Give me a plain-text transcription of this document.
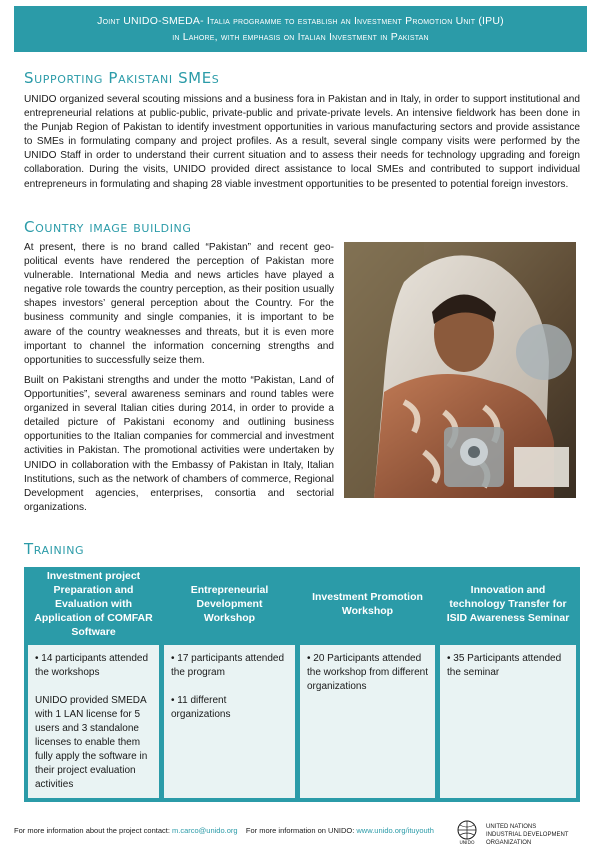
Joint UNIDO-SMEDA- Italia programme to establish an Investment Promotion Unit (IPU)
in Lahore, with emphasis on Italian Investment in Pakistan
Supporting Pakistani SMEs
UNIDO organized several scouting missions and a business fora in Pakistan and in Italy, in order to support institutional and entrepreneurial relations at public-public, private-public and private-private levels. An intensive fieldwork has been done in the Punjab Region of Pakistan to identify investment opportunities in various manufacturing sectors and provide assistance to SMEs in formulating company and project profiles. As a result, several single company visits were performed by the UNIDO Staff in order to understand their current situation and to assess their needs for technology upgrading and foreign collaboration. During the visits, UNIDO provided direct assistance to local SMEs and contributed to support individual entrepreneurs in formulating and shaping 28 viable investment opportunities to be presented to potential foreign investors.
Country image building
At present, there is no brand called “Pakistan” and recent geo-political events have rendered the perception of Pakistan more vulnerable. International Media and news articles have played a negative role towards the country perception, as their position usually shapes investors’ general perception about the Country. For the business community and single companies, it is important to be aware of the country weaknesses and threats, but it is even more important to channel the information concerning strengths and opportunities to successfully seize them.
Built on Pakistani strengths and under the motto “Pakistan, Land of Opportunities”, several awareness seminars and round tables were organized in several Italian cities during 2014, in order to provide a detailed picture of Pakistani economy and outlining business opportunities to the Italian companies for commercial and investment activities in Pakistan. The promotional activities were undertaken by UNIDO in collaboration with the Embassy of Pakistan in Italy, Italian Institutions, such as the network of chambers of commerce, Regional Development agencies, enterprises, consortia and sectorial organizations.
Training
Investment project Preparation and Evaluation with Application of COMFAR Software
Entrepreneurial Development Workshop
Investment Promotion Workshop
Innovation and technology Transfer for ISID Awareness Seminar

• 14 participants attended the workshops

UNIDO provided SMEDA with 1 LAN license for 5 users and 3 standalone licenses to enable them fully apply the software in their project evaluation activities

• 17 participants attended the program

• 11 different organizations

• 20 Participants attended the workshop from different organizations

• 35 Participants attended the seminar

For more information about the project contact: m.carco@unido.org For more information on UNIDO: www.unido.org/ituyouth
UNIDO
UNITED NATIONS
INDUSTRIAL DEVELOPMENT ORGANIZATION
